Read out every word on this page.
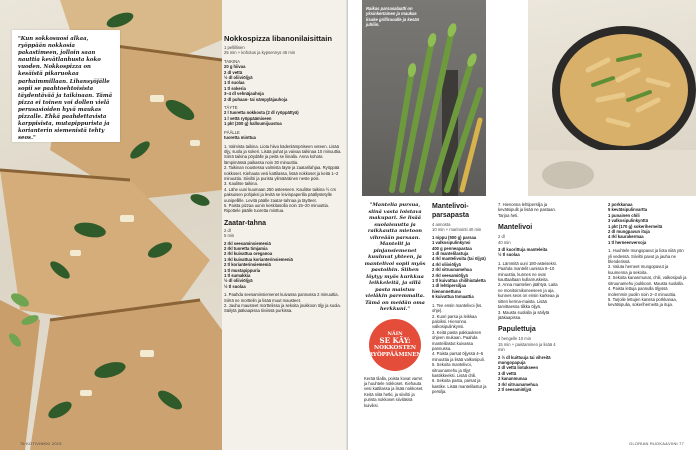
"Kun sokkosuosi alkaa, ryöppään nokkosia pakastimeen, jolloin saan nauttia kevätlanhusta koko vuoden. Nokkospizza on kesäistä pikaruokaa parhaimmillaan. Lihansyöjälle sopii se paahtoehtoisista täydentävää ja taikinaan. Tämä pizza ei toinen voi dollen vielä perusasioiden hyvä maukas pizzalle. Ehkä paahdettavista karppisista, mutapippurista ja korianterin siemenistä tehty seos."
Nokkospizza libanonilaisittain
1 pellillinen
25 min + kohotus ja kypsennys 45 min
TAIKINA
20 g hiivaa
2 dl vettä
½ dl oliiviöljyä
1 tl suolaa
1 tl sokeria
3–4 dl vehnäjauhoja
2 dl puhaan- tai sämpyläjauhoja
TÄYTE
2 l tuoretta nokkosta (2 dl ryöppättyä)
1 l vettä ryöppäämiseen
1 pkt (200 g) halloumijuustoa
PÄÄLLE
tuoretta minttua
1. Valmista taikina. Liota hiiva kädenlämpöiseen veteen. Lisää öljy, suola ja sokeri. Lisää puhat ja vaivaa taikinaa 10 minuuttia. Siirrä taikina pöydälle ja peitä se liinalla. Anna kohota lämpimässä paikassa noin 30 minuuttia.
2. Taikinan noustessa valmista täyte ja zaatarilahjaa. Ryöppää nokkoset. Kiehauta vesi kattilassa, lisää nokkoset ja keitä 1–2 minuuttia. Siivilöi ja purista ylimääräinen neste pois.
3. Kaulitse taikina.
4. Lähe uuni kuumaan 250 asteeseen. Kaulitse taikina ½ cm paksuisen pohjaksi ja levitä se leivinpaperilla päällystetylle uunipellille. Levitä päälle zaatar-tahnaa ja täytteet.
5. Paista pizzaa uunin keskitasolla noin 15–20 minuuttia. Ripottele päälle tuoretta minttua.
Zaatar-tahna
2 dl
5 min
2 rkl seesaminsiemeniä
2 rkl tuoretta timjamia
2 rkl kuivattua oreganoa
1 rkl kuivattua korianterinsiemeniä
2 tl korianterinsiemeniä
1 tl mustapippuria
1 tl sumakkia
½ dl oliiviöljyä
½ tl suolaa
1. Paahda seesaminsiemenet kuivassa pannussa 2 minuuttia. Siirrä ne morttelin ja lisää muut mausteet.
2. Jauha mausteet morttelissa ja sekoita joukkoon öljy ja suola. Säilytä jääkaapissa tiiviissä purkissa.
76 KOTIVINKKI 2015
Raikas parsasalaatti on yksinkertainen ja maukas lisuke grilliruoalle ja kesän juhliin.
"Mantelia pursua, siinä vasta loistava makupari. Se lisää suolaisuutta ja raikkautta mietoon vihreään parsaan. Mantelit ja pinjansiemenet kuuluvat yhteen, ja mantelivoi sopii myös pastoihin. Siihen löytyy myös kurkkua leikkeleitä, ja sillä pasta maistuu vieläkin paremmalta. Tämä on meidän oma herkkuni."
NÄIN
SE KÄY:
NOKKOSTEN RYÖPPÄÄMINEN
Kerää tilalla, poista kovat varret ja huuhtele nokkoset. Kiehauta vesi kattilassa ja lisää nokkoset. Keitä niitä hetki, ja siivilöi ja purista nokkoset siivilässä kuiviksi.
Mantelivoi-parsapasta
4 annosta
10 min + marinointi 40 min
1 nippu (500 g) parsaa
1 valkosipulinkynsi
400 g penneapastaa
1 dl mantelilastuja
4 rkl mantelivoita (tai öljyä)
4 rkl oliiviöljyä
2 rkl sitruunamehua
2 rkl seesamiöljyä
1 tl kuivattua chilihiutaletta
1 dl lehtipersiljaa hienonnettuna
6 kuivattua tomaattia
1. Tee ensin mantelivoi (ks. ohje).
2. Kuori parsa ja leikkaa paloiksi. Hienonna valkosipulinkynsi.
3. Keitä pasta pakkauksen ohjeen mukaan. Paahda mantelilastut kuivassa pannussa.
4. Paista parsat öljyssä 4–5 minuuttia ja lisää valkosipuli.
5. Sekoita mantelivoi, sitruunamehu ja öljyt kastikkeeksi. Lisää chili.
6. Sekoita pasta, parsat ja kastike. Lisää mantelilastut ja persilja.
7. Hienonna lehtipersilja ja kevätsipulit ja lisää ne pastaan. Tarjoa heti.
Mantelivoi
2 dl
40 min
3 dl kuorittuja manteleita
½ tl suolaa
1. Lämmitä uuni 180-asteiseksi. Paahda mantelit uunissa 8–10 minuuttia, kunnes ne ovat kauttaaltaan kullanruskeita.
2. Anna mantelien jäähtyä. Laita ne monitoimikoneeseen ja aja, kunnes seos on ensin karkeaa ja sitten kerma-maista. Lisää tarvittaessa tilkka öljyä.
3. Mausta suolalla ja säilytä jääkaapissa.
Papulettuja
4 hengelle 10 min
15 min + paistaminen ja lisää 4 min
2 ½ dl kuittuuja tai vihreitä mungopapuja
2 dl vettä liotukseen
3 dl vettä
2 kananmunaa
3 rkl sitruunamehua
2 tl seesamiöljyä
2 porkkanaa
5 kevätsipulinvartta
1 punainen chili
3 valkosipulinkynttä
1 pkt (170 g) sokeriherneitä
2 dl mungpavun ituja
4 rkl kaurakermaa
1 tl herneenversoja
1. Huuhtele mungopavut ja liota niitä yön yli vedessä. Siivilöi pavut ja jauha ne blenderissä.
2. Valuta herneet mungopavut ja kuumenna ja sekoita.
3. Sekoita kananmunat, chili, valkosipuli ja sitruunamehu joukkoon. Mausta suolalla.
4. Paista lettuja pannulla öljyssä molemmin puolin noin 2–3 minuuttia.
5. Tarjoile lettujen kanssa porkkanaa, kevätsipulia, sokeriherneitä ja ituja.
GLORIAN RUOKA&VIINI 77
